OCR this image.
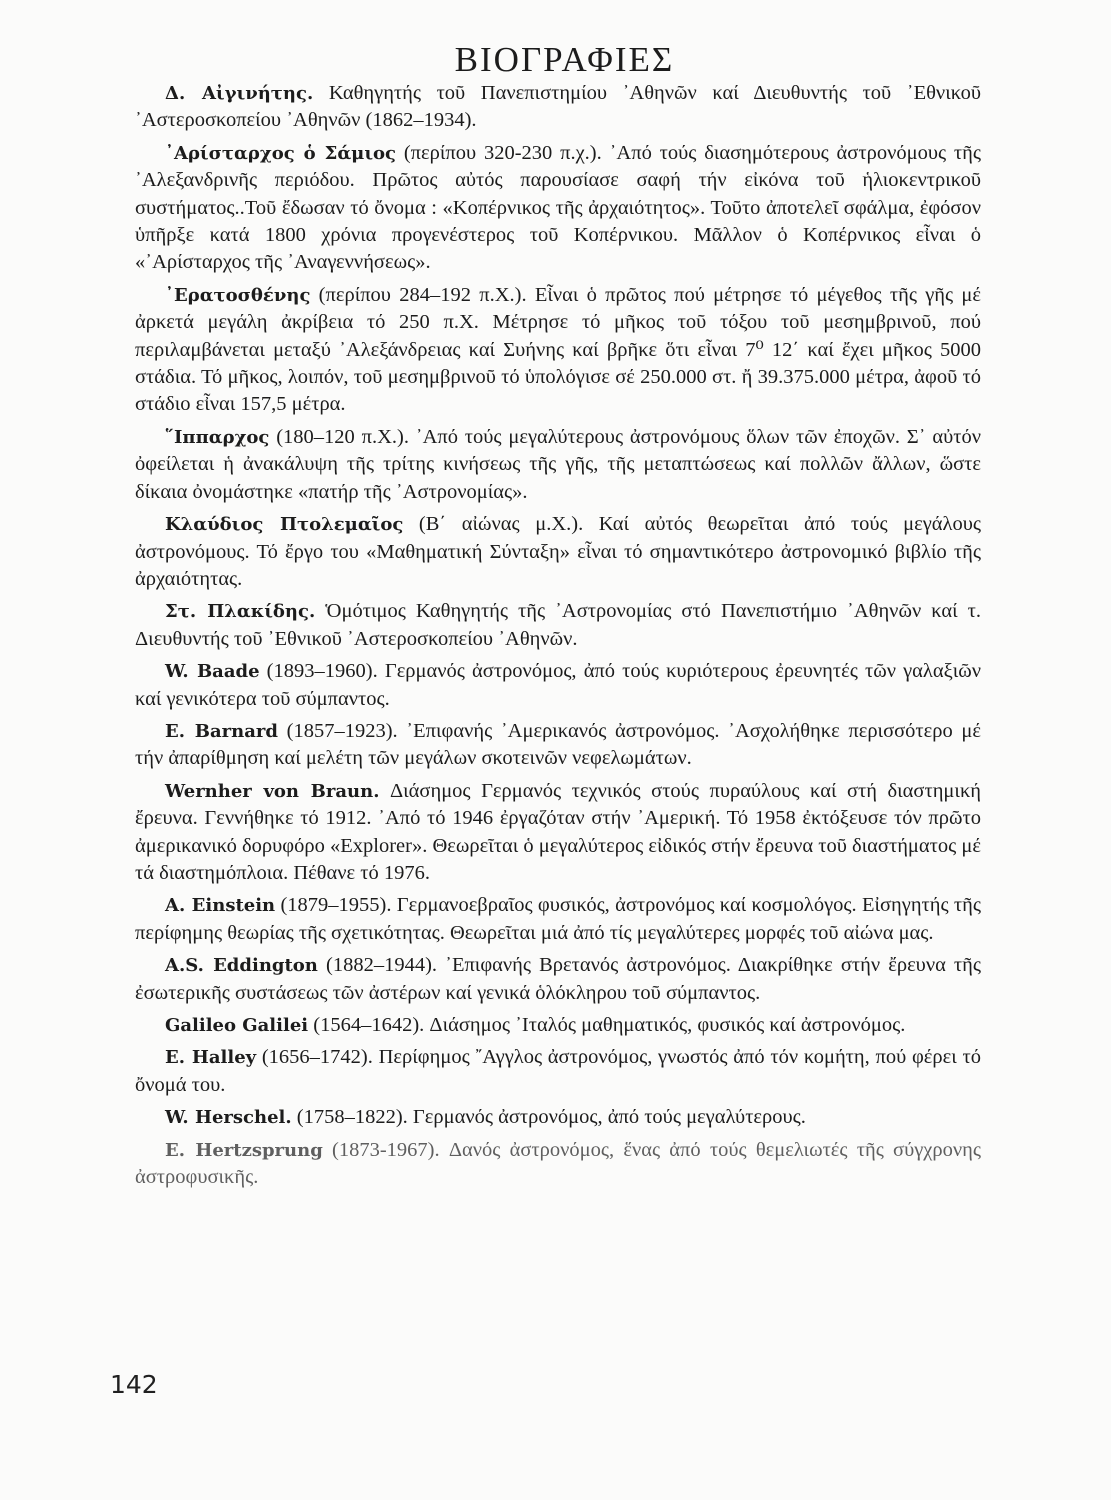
ΒΙΟΓΡΑΦΙΕΣ

Δ. Αἰγινήτης. Καθηγητής τοῦ Πανεπιστημίου ᾿Αθηνῶν καί Διευθυντής τοῦ ᾿Εθνικοῦ ᾿Αστεροσκοπείου ᾿Αθηνῶν (1862–1934).

᾿Αρίσταρχος ὁ Σάμιος (περίπου 320-230 π.χ.). ᾿Από τούς διασημότερους ἀστρονόμους τῆς ᾿Αλεξανδρινῆς περιόδου. Πρῶτος αὐτός παρουσίασε σαφή τήν εἰκόνα τοῦ ἡλιοκεντρικοῦ συστήματος..Τοῦ ἔδωσαν τό ὄνομα : «Κοπέρνικος τῆς ἀρχαιότητος». Τοῦτο ἀποτελεῖ σφάλμα, ἐφόσον ὑπῆρξε κατά 1800 χρόνια προγενέστερος τοῦ Κοπέρνικου. Μᾶλλον ὁ Κοπέρνικος εἶναι ὁ «᾿Αρίσταρχος τῆς ᾿Αναγεννήσεως».

᾿Ερατοσθένης (περίπου 284–192 π.Χ.). Εἶναι ὁ πρῶτος πού μέτρησε τό μέγεθος τῆς γῆς μέ ἀρκετά μεγάλη ἀκρίβεια τό 250 π.Χ. Μέτρησε τό μῆκος τοῦ τόξου τοῦ μεσημβρινοῦ, πού περιλαμβάνεται μεταξύ ᾿Αλεξάνδρειας καί Συήνης καί βρῆκε ὅτι εἶναι 7⁰ 12΄ καί ἔχει μῆκος 5000 στάδια. Τό μῆκος, λοιπόν, τοῦ μεσημβρινοῦ τό ὑπολόγισε σέ 250.000 στ. ἤ 39.375.000 μέτρα, ἀφοῦ τό στάδιο εἶναι 157,5 μέτρα.

῞Ιππαρχος (180–120 π.Χ.). ᾿Από τούς μεγαλύτερους ἀστρονόμους ὅλων τῶν ἐποχῶν. Σ᾿ αὐτόν ὀφείλεται ἡ ἀνακάλυψη τῆς τρίτης κινήσεως τῆς γῆς, τῆς μεταπτώσεως καί πολλῶν ἄλλων, ὥστε δίκαια ὀνομάστηκε «πατήρ τῆς ᾿Αστρονομίας».

Κλαύδιος Πτολεμαῖος (Β΄ αἰώνας μ.Χ.). Καί αὐτός θεωρεῖται ἀπό τούς μεγάλους ἀστρονόμους. Τό ἔργο του «Μαθηματική Σύνταξη» εἶναι τό σημαντικότερο ἀστρονομικό βιβλίο τῆς ἀρχαιότητας.

Στ. Πλακίδης. Ὁμότιμος Καθηγητής τῆς ᾿Αστρονομίας στό Πανεπιστήμιο ᾿Αθηνῶν καί τ. Διευθυντής τοῦ ᾿Εθνικοῦ ᾿Αστεροσκοπείου ᾿Αθηνῶν.

W. Baade (1893–1960). Γερμανός ἀστρονόμος, ἀπό τούς κυριότερους ἐρευνητές τῶν γαλαξιῶν καί γενικότερα τοῦ σύμπαντος.

E. Barnard (1857–1923). ᾿Επιφανής ᾿Αμερικανός ἀστρονόμος. ᾿Ασχολήθηκε περισσότερο μέ τήν ἀπαρίθμηση καί μελέτη τῶν μεγάλων σκοτεινῶν νεφελωμάτων.

Wernher von Braun. Διάσημος Γερμανός τεχνικός στούς πυραύλους καί στή διαστημική ἔρευνα. Γεννήθηκε τό 1912. ᾿Από τό 1946 ἐργαζόταν στήν ᾿Αμερική. Τό 1958 ἐκτόξευσε τόν πρῶτο ἀμερικανικό δορυφόρο «Explorer». Θεωρεῖται ὁ μεγαλύτερος εἰδικός στήν ἔρευνα τοῦ διαστήματος μέ τά διαστημόπλοια. Πέθανε τό 1976.

A. Einstein (1879–1955). Γερμανοεβραῖος φυσικός, ἀστρονόμος καί κοσμολόγος. Εἰσηγητής τῆς περίφημης θεωρίας τῆς σχετικότητας. Θεωρεῖται μιά ἀπό τίς μεγαλύτερες μορφές τοῦ αἰώνα μας.

A.S. Eddington (1882–1944). ᾿Επιφανής Βρετανός ἀστρονόμος. Διακρίθηκε στήν ἔρευνα τῆς ἐσωτερικῆς συστάσεως τῶν ἀστέρων καί γενικά ὁλόκληρου τοῦ σύμπαντος.

Galileo Galilei (1564–1642). Διάσημος ᾿Ιταλός μαθηματικός, φυσικός καί ἀστρονόμος.

E. Halley (1656–1742). Περίφημος ῎Αγγλος ἀστρονόμος, γνωστός ἀπό τόν κομήτη, πού φέρει τό ὄνομά του.

W. Herschel. (1758–1822). Γερμανός ἀστρονόμος, ἀπό τούς μεγαλύτερους.

E. Hertzsprung (1873-1967). Δανός ἀστρονόμος, ἕνας ἀπό τούς θεμελιωτές τῆς σύγχρονης ἀστροφυσικῆς.

142
